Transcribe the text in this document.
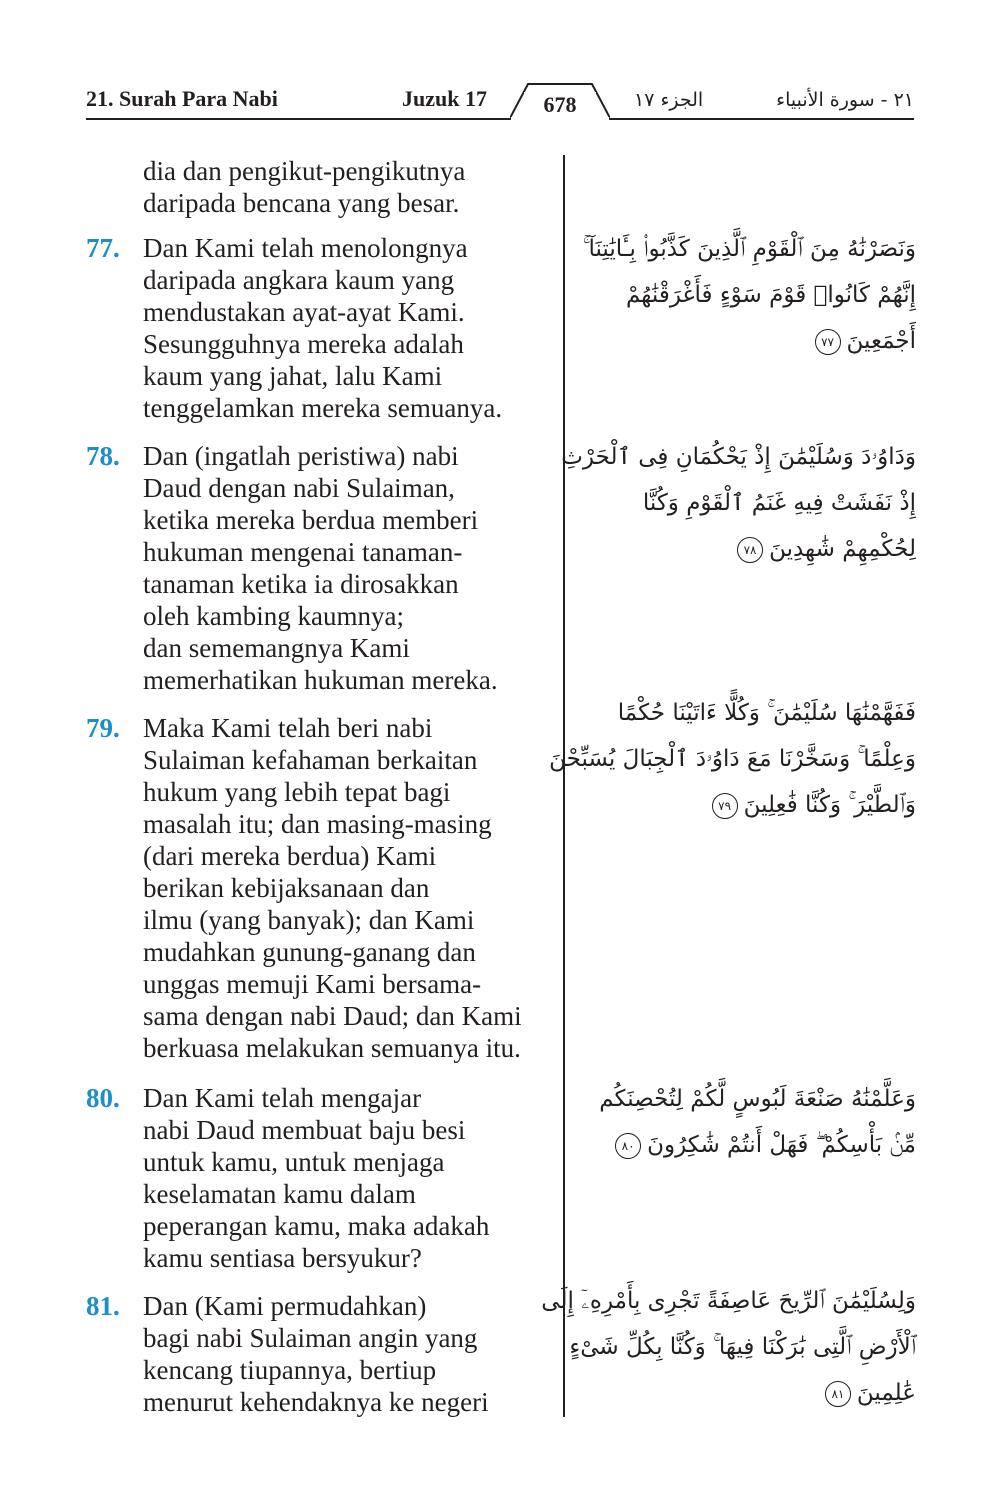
21. Surah Para Nabi	Juzuk 17	678	الجزء ١٧	٢١ - سورة الأنبياء
dia dan pengikut-pengikutnya
daripada bencana yang besar.
77. Dan Kami telah menolongnya
daripada angkara kaum yang
mendustakan ayat-ayat Kami.
Sesungguhnya mereka adalah
kaum yang jahat, lalu Kami
tenggelamkan mereka semuanya.
وَنَصَرْنَٰهُ مِنَ ٱلْقَوْمِ ٱلَّذِينَ كَذَّبُوا۟ بِـَٔايَٰتِنَآ ۚ
إِنَّهُمْ كَانُوا۟ قَوْمَ سَوْءٍ فَأَغْرَقْنَٰهُمْ
أَجْمَعِينَ٧٧
78. Dan (ingatlah peristiwa) nabi
Daud dengan nabi Sulaiman,
ketika mereka berdua memberi
hukuman mengenai tanaman-
tanaman ketika ia dirosakkan
oleh kambing kaumnya;
dan sememangnya Kami
memerhatikan hukuman mereka.
وَدَاوُۥدَ وَسُلَيْمَٰنَ إِذْ يَحْكُمَانِ فِى ٱلْحَرْثِ
إِذْ نَفَشَتْ فِيهِ غَنَمُ ٱلْقَوْمِ وَكُنَّا
لِحُكْمِهِمْ شَٰهِدِينَ٧٨
79. Maka Kami telah beri nabi
Sulaiman kefahaman berkaitan
hukum yang lebih tepat bagi
masalah itu; dan masing-masing
(dari mereka berdua) Kami
berikan kebijaksanaan dan
ilmu (yang banyak); dan Kami
mudahkan gunung-ganang dan
unggas memuji Kami bersama-
sama dengan nabi Daud; dan Kami
berkuasa melakukan semuanya itu.
فَفَهَّمْنَٰهَا سُلَيْمَٰنَ ۚ وَكُلًّا ءَاتَيْنَا حُكْمًا
وَعِلْمًا ۚ وَسَخَّرْنَا مَعَ دَاوُۥدَ ٱلْجِبَالَ يُسَبِّحْنَ
وَٱلطَّيْرَ ۚ وَكُنَّا فَٰعِلِينَ٧٩
80. Dan Kami telah mengajar
nabi Daud membuat baju besi
untuk kamu, untuk menjaga
keselamatan kamu dalam
peperangan kamu, maka adakah
kamu sentiasa bersyukur?
وَعَلَّمْنَٰهُ صَنْعَةَ لَبُوسٍ لَّكُمْ لِتُحْصِنَكُم
مِّنۢ بَأْسِكُمْ ۖ فَهَلْ أَنتُمْ شَٰكِرُونَ٨٠
81. Dan (Kami permudahkan)
bagi nabi Sulaiman angin yang
kencang tiupannya, bertiup
menurut kehendaknya ke negeri
وَلِسُلَيْمَٰنَ ٱلرِّيحَ عَاصِفَةً تَجْرِى بِأَمْرِهِۦٓ إِلَى
ٱلْأَرْضِ ٱلَّتِى بَٰرَكْنَا فِيهَا ۚ وَكُنَّا بِكُلِّ شَىْءٍ
عَٰلِمِينَ٨١
